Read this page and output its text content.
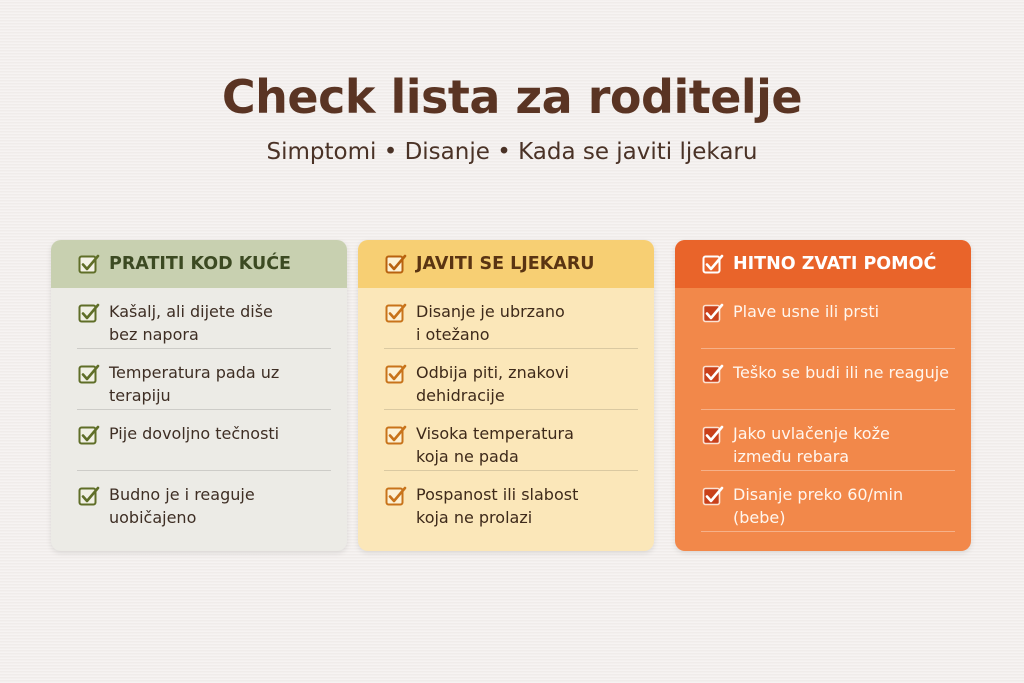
Check lista za roditelje
Simptomi • Disanje • Kada se javiti ljekaru
PRATITI KOD KUĆE
Kašalj, ali dijete diše
bez napora
Temperatura pada uz
terapiju
Pije dovoljno tečnosti
Budno je i reaguje
uobičajeno
JAVITI SE LJEKARU
Disanje je ubrzano
i otežano
Odbija piti, znakovi
dehidracije
Visoka temperatura
koja ne pada
Pospanost ili slabost
koja ne prolazi
HITNO ZVATI POMOĆ
Plave usne ili prsti
Teško se budi ili ne reaguje
Jako uvlačenje kože
između rebara
Disanje preko 60/min
(bebe)
